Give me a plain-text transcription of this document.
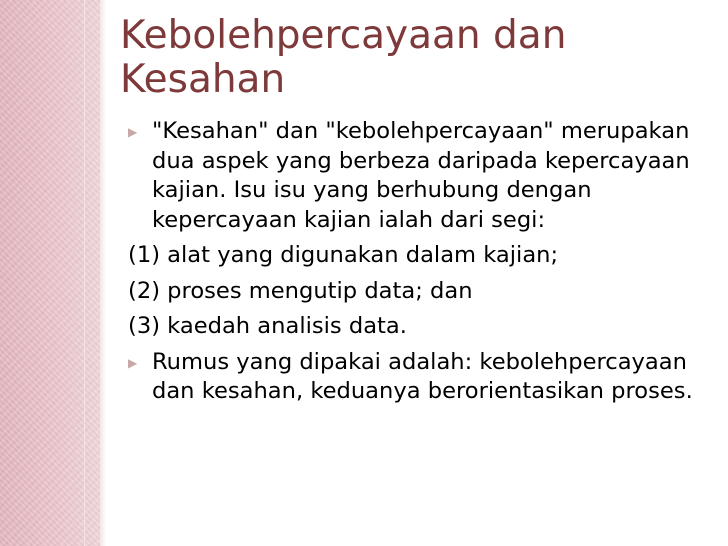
Kebolehpercayaan dan Kesahan
▶ "Kesahan" dan "kebolehpercayaan" merupakan dua aspek yang berbeza daripada kepercayaan kajian. Isu isu yang berhubung dengan kepercayaan kajian ialah dari segi:
(1) alat yang digunakan dalam kajian;
(2) proses mengutip data; dan
(3) kaedah analisis data.
▶ Rumus yang dipakai adalah: kebolehpercayaan dan kesahan, keduanya berorientasikan proses.
